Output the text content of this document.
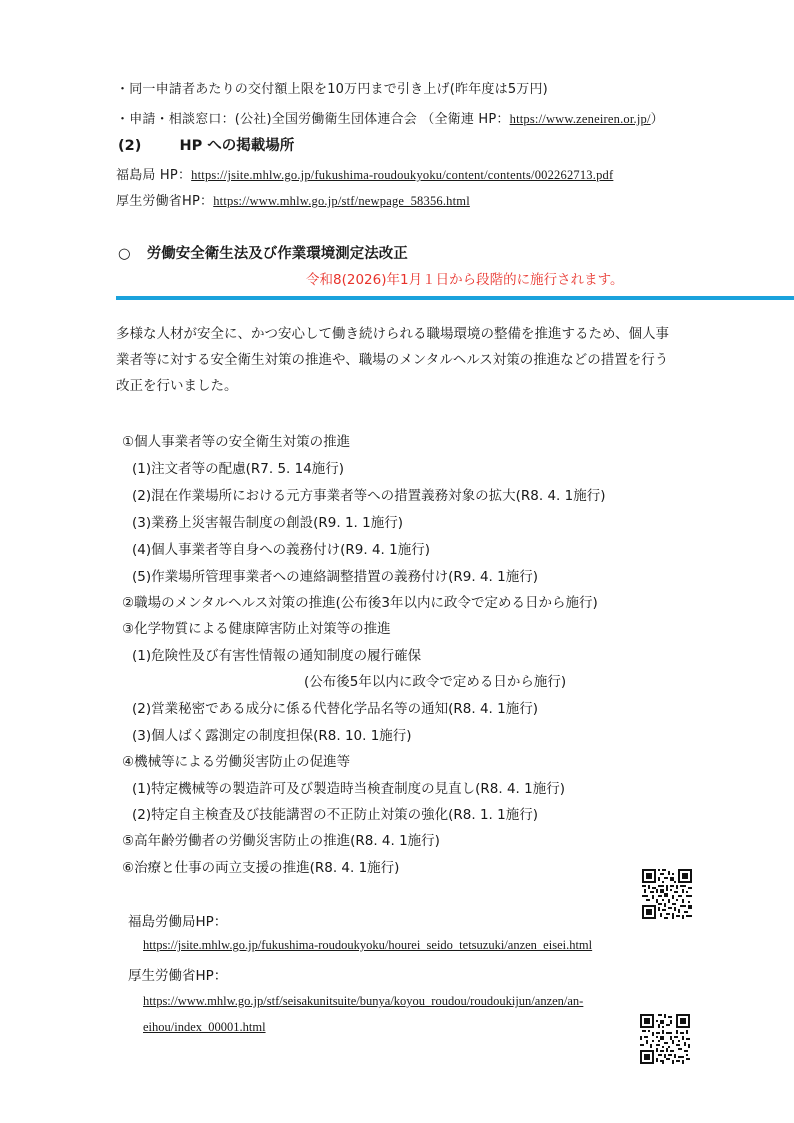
・同一申請者あたりの交付額上限を10万円まで引き上げ(昨年度は5万円)
・申請・相談窓口：(公社)全国労働衛生団体連合会 （全衛連 HP：https://www.zeneiren.or.jp/）
(2)	HP への掲載場所
福島局 HP：https://jsite.mhlw.go.jp/fukushima-roudoukyoku/content/contents/002262713.pdf
厚生労働省HP：https://www.mhlw.go.jp/stf/newpage_58356.html
○ 労働安全衛生法及び作業環境測定法改正
令和8(2026)年1月１日から段階的に施行されます。
多様な人材が安全に、かつ安心して働き続けられる職場環境の整備を推進するため、個人事
業者等に対する安全衛生対策の推進や、職場のメンタルヘルス対策の推進などの措置を行う
改正を行いました。
①個人事業者等の安全衛生対策の推進
(1)注文者等の配慮(R7. 5. 14施行)
(2)混在作業場所における元方事業者等への措置義務対象の拡大(R8. 4. 1施行)
(3)業務上災害報告制度の創設(R9. 1. 1施行)
(4)個人事業者等自身への義務付け(R9. 4. 1施行)
(5)作業場所管理事業者への連絡調整措置の義務付け(R9. 4. 1施行)
②職場のメンタルヘルス対策の推進(公布後3年以内に政令で定める日から施行)
③化学物質による健康障害防止対策等の推進
(1)危険性及び有害性情報の通知制度の履行確保
(公布後5年以内に政令で定める日から施行)
(2)営業秘密である成分に係る代替化学品名等の通知(R8. 4. 1施行)
(3)個人ばく露測定の制度担保(R8. 10. 1施行)
④機械等による労働災害防止の促進等
(1)特定機械等の製造許可及び製造時当検査制度の見直し(R8. 4. 1施行)
(2)特定自主検査及び技能講習の不正防止対策の強化(R8. 1. 1施行)
⑤高年齢労働者の労働災害防止の推進(R8. 4. 1施行)
⑥治療と仕事の両立支援の推進(R8. 4. 1施行)
福島労働局HP：
https://jsite.mhlw.go.jp/fukushima-roudoukyoku/hourei_seido_tetsuzuki/anzen_eisei.html
厚生労働省HP：
https://www.mhlw.go.jp/stf/seisakunitsuite/bunya/koyou_roudou/roudoukijun/anzen/an-
eihou/index_00001.html
